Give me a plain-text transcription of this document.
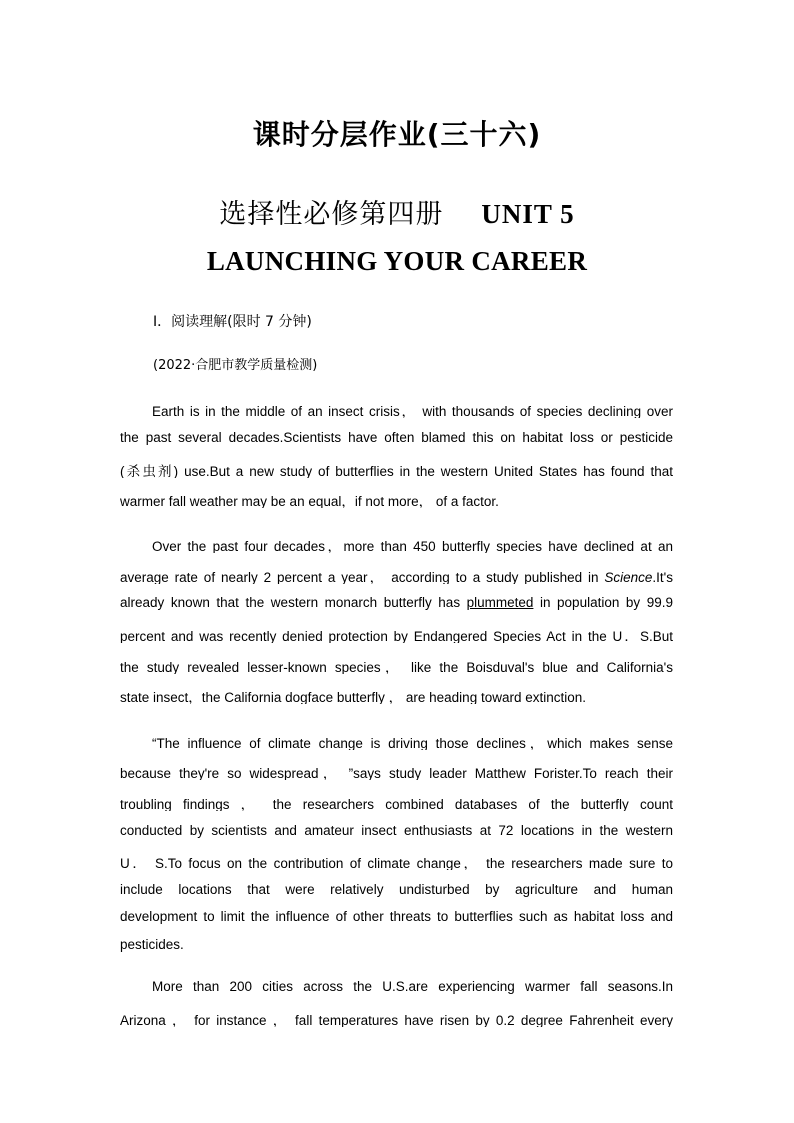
课时分层作业(三十六)
选择性必修第四册 UNIT 5
LAUNCHING YOUR CAREER
Ⅰ．阅读理解(限时 7 分钟)
(2022·合肥市教学质量检测)
Earth is in the middle of an insect crisis， with thousands of species declining over
the past several decades.Scientists have often blamed this on habitat loss or pesticide
(杀虫剂) use.But a new study of butterflies in the western United States has found that
warmer fall weather may be an equal，if not more， of a factor.
Over the past four decades，more than 450 butterfly species have declined at an
average rate of nearly 2 percent a year， according to a study published in Science.It's
already known that the western monarch butterfly has plummeted in population by 99.9
percent and was recently denied protection by Endangered Species Act in the U．S.But
the study revealed lesser-known species， like the Boisduval's blue and California's
state insect，the California dogface butterfly ， are heading toward extinction.
“The influence of climate change is driving those declines，which makes sense
because they're so widespread， ”says study leader Matthew Forister.To reach their
troubling findings ， the researchers combined databases of the butterfly count
conducted by scientists and amateur insect enthusiasts at 72 locations in the western
U． S.To focus on the contribution of climate change， the researchers made sure to
include locations that were relatively undisturbed by agriculture and human
development to limit the influence of other threats to butterflies such as habitat loss and
pesticides.
More than 200 cities across the U.S.are experiencing warmer fall seasons.In
Arizona ， for instance ， fall temperatures have risen by 0.2 degree Fahrenheit every
